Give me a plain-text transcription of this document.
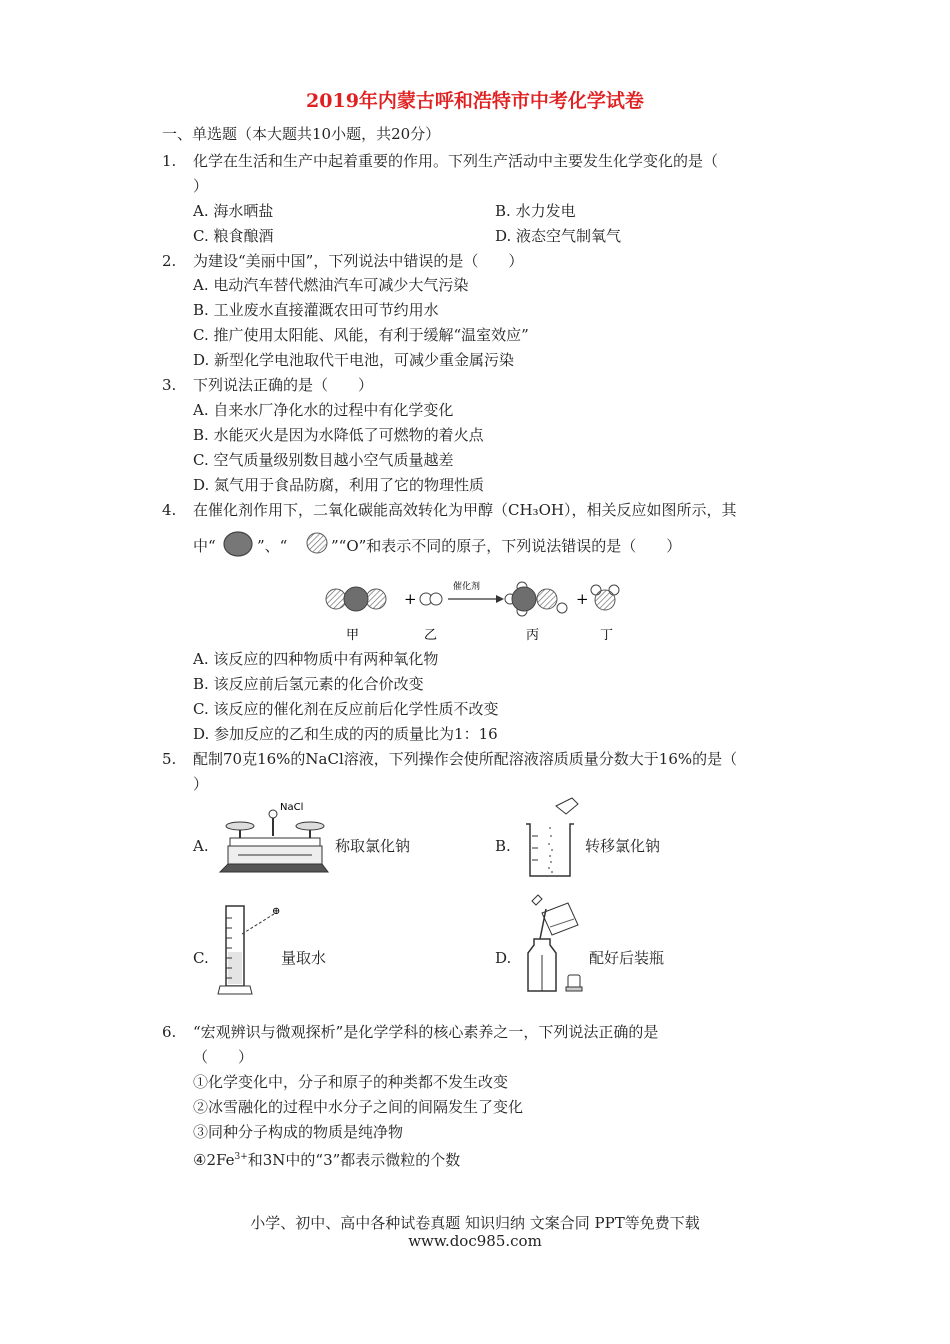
2019年内蒙古呼和浩特市中考化学试卷
一、单选题（本大题共10小题，共20分）
1. 化学在生活和生产中起着重要的作用。下列生产活动中主要发生化学变化的是（
）
A. 海水晒盐	B. 水力发电
C. 粮食酿酒	D. 液态空气制氧气
2. 为建设“美丽中国”，下列说法中错误的是（　　）
A. 电动汽车替代燃油汽车可减少大气污染
B. 工业废水直接灌溉农田可节约用水
C. 推广使用太阳能、风能，有利于缓解“温室效应”
D. 新型化学电池取代干电池，可减少重金属污染
3. 下列说法正确的是（　　）
A. 自来水厂净化水的过程中有化学变化
B. 水能灭火是因为水降低了可燃物的着火点
C. 空气质量级别数目越小空气质量越差
D. 氮气用于食品防腐，利用了它的物理性质
4. 在催化剂作用下，二氧化碳能高效转化为甲醇（CH₃OH），相关反应如图所示，其
中“	”、“	”“O”和表示不同的原子，下列说法错误的是（　　）
+
催化剂
+
甲	乙	丙	丁
A. 该反应的四种物质中有两种氧化物
B. 该反应前后氢元素的化合价改变
C. 该反应的催化剂在反应前后化学性质不改变
D. 参加反应的乙和生成的丙的质量比为1：16
5. 配制70克16%的NaCl溶液，下列操作会使所配溶液溶质质量分数大于16%的是（
）
A.
NaCl
称取氯化钠	B.	转移氯化钠
C.
⊕
量取水	D.	配好后装瓶
6. “宏观辨识与微观探析”是化学学科的核心素养之一，下列说法正确的是
（　　）
①化学变化中，分子和原子的种类都不发生改变
②冰雪融化的过程中水分子之间的间隔发生了变化
③同种分子构成的物质是纯净物
$④2Fe^{3+}$和3N中的“3”都表示微粒的个数
小学、初中、高中各种试卷真题 知识归纳 文案合同 PPT等免费下载
www.doc985.com
